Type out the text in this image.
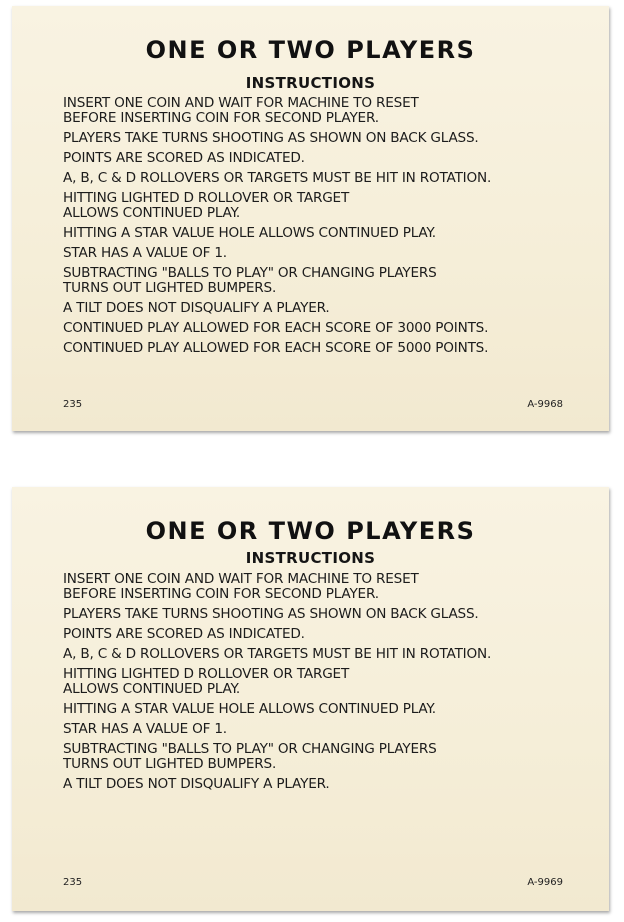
ONE OR TWO PLAYERS
INSTRUCTIONS
INSERT ONE COIN AND WAIT FOR MACHINE TO RESET
BEFORE INSERTING COIN FOR SECOND PLAYER.
PLAYERS TAKE TURNS SHOOTING AS SHOWN ON BACK GLASS.
POINTS ARE SCORED AS INDICATED.
A, B, C & D ROLLOVERS OR TARGETS MUST BE HIT IN ROTATION.
HITTING LIGHTED D ROLLOVER OR TARGET
ALLOWS CONTINUED PLAY.
HITTING A STAR VALUE HOLE ALLOWS CONTINUED PLAY.
STAR HAS A VALUE OF 1.
SUBTRACTING "BALLS TO PLAY" OR CHANGING PLAYERS
TURNS OUT LIGHTED BUMPERS.
A TILT DOES NOT DISQUALIFY A PLAYER.
CONTINUED PLAY ALLOWED FOR EACH SCORE OF 3000 POINTS.
CONTINUED PLAY ALLOWED FOR EACH SCORE OF 5000 POINTS.
235	A-9968
ONE OR TWO PLAYERS
INSTRUCTIONS
INSERT ONE COIN AND WAIT FOR MACHINE TO RESET
BEFORE INSERTING COIN FOR SECOND PLAYER.
PLAYERS TAKE TURNS SHOOTING AS SHOWN ON BACK GLASS.
POINTS ARE SCORED AS INDICATED.
A, B, C & D ROLLOVERS OR TARGETS MUST BE HIT IN ROTATION.
HITTING LIGHTED D ROLLOVER OR TARGET
ALLOWS CONTINUED PLAY.
HITTING A STAR VALUE HOLE ALLOWS CONTINUED PLAY.
STAR HAS A VALUE OF 1.
SUBTRACTING "BALLS TO PLAY" OR CHANGING PLAYERS
TURNS OUT LIGHTED BUMPERS.
A TILT DOES NOT DISQUALIFY A PLAYER.
235	A-9969
